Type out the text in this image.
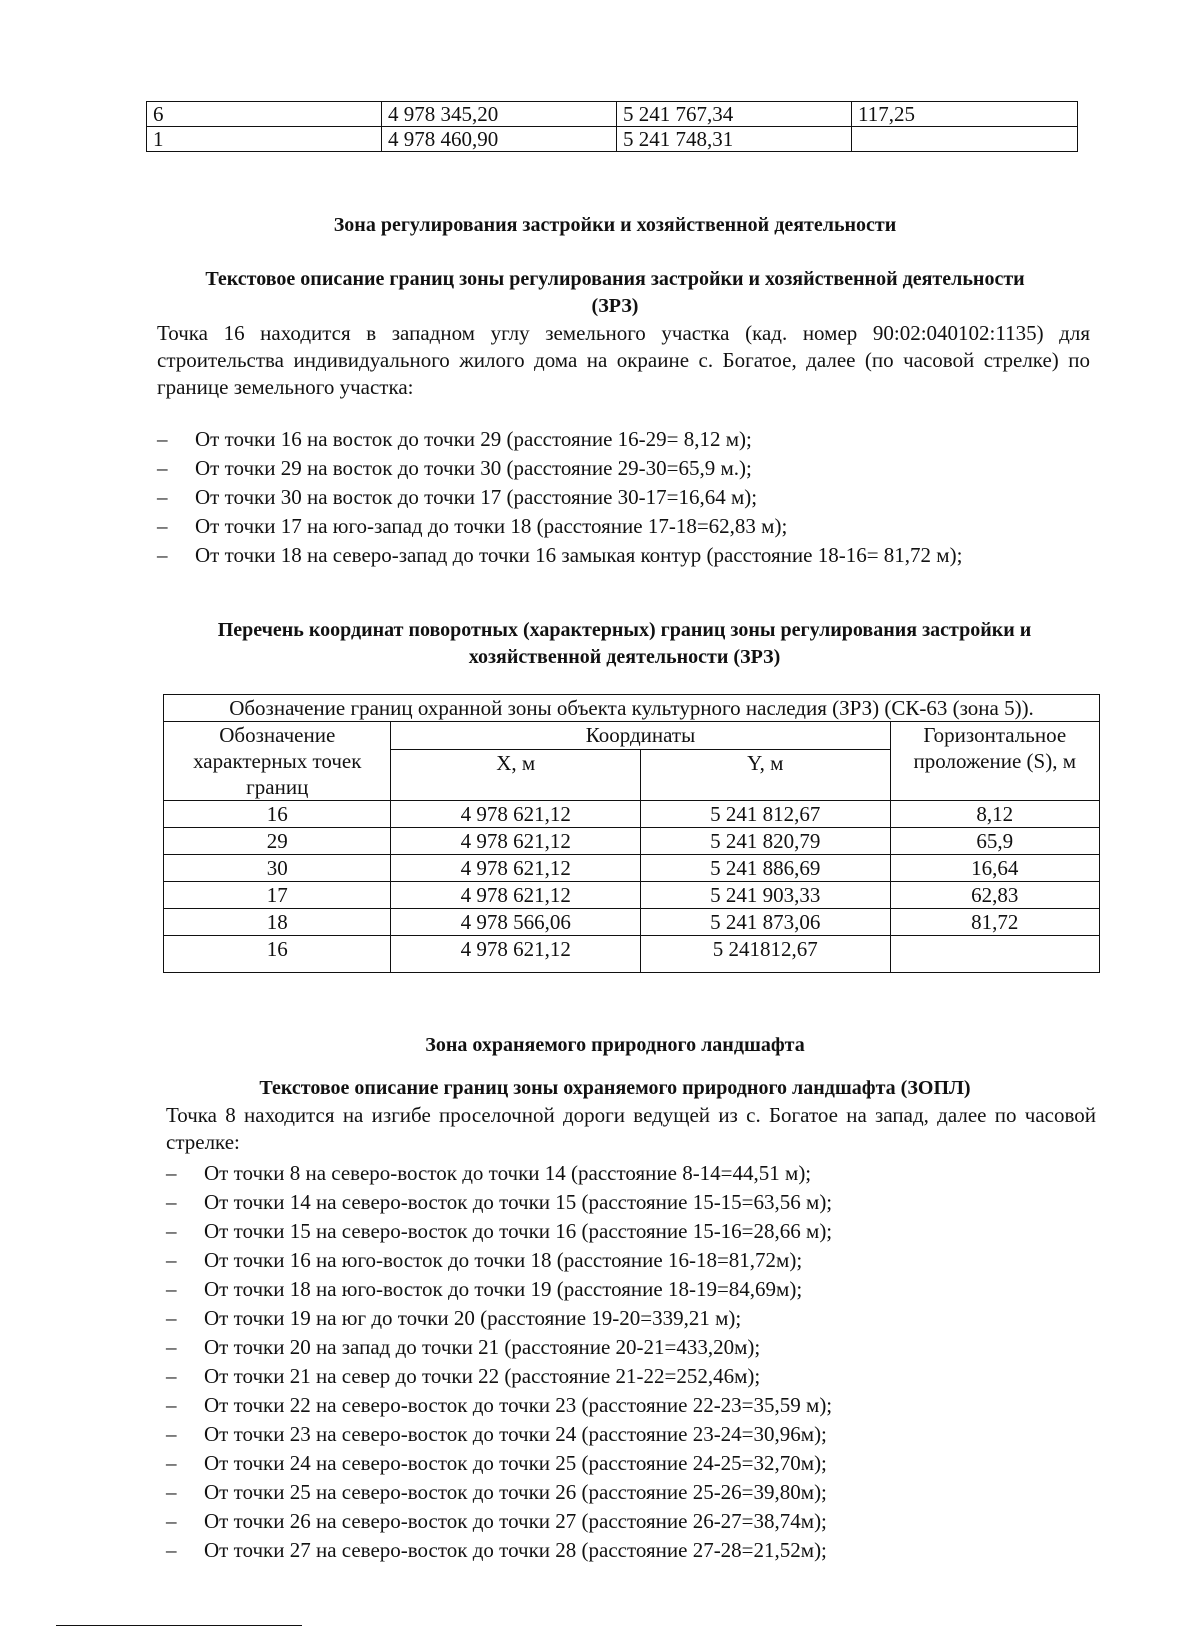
6	4 978 345,20	5 241 767,34	117,25
1	4 978 460,90	5 241 748,31	
Зона регулирования застройки и хозяйственной деятельности
Текстовое описание границ зоны регулирования застройки и хозяйственной деятельности (ЗРЗ)
Точка 16 находится в западном углу земельного участка (кад. номер 90:02:040102:1135) для строительства индивидуального жилого дома на окраине с. Богатое, далее (по часовой стрелке) по границе земельного участка:
– От точки 16 на восток до точки 29 (расстояние 16-29= 8,12 м);
– От точки 29 на восток до точки 30 (расстояние 29-30=65,9 м.);
– От точки 30 на восток до точки 17 (расстояние 30-17=16,64 м);
– От точки 17 на юго-запад до точки 18 (расстояние 17-18=62,83 м);
– От точки 18 на северо-запад до точки 16 замыкая контур (расстояние 18-16= 81,72 м);
Перечень координат поворотных (характерных) границ зоны регулирования застройки и хозяйственной деятельности (ЗРЗ)
Обозначение границ охранной зоны объекта культурного наследия (ЗРЗ) (СК-63 (зона 5)).			
Обозначение характерных точек границ	Координаты		Горизонтальное проложение (S), м
	X, м	Y, м	
16	4 978 621,12	5 241 812,67	8,12
29	4 978 621,12	5 241 820,79	65,9
30	4 978 621,12	5 241 886,69	16,64
17	4 978 621,12	5 241 903,33	62,83
18	4 978 566,06	5 241 873,06	81,72
16	4 978 621,12	5 241812,67	
Зона охраняемого природного ландшафта
Текстовое описание границ зоны охраняемого природного ландшафта (ЗОПЛ)
Точка 8 находится на изгибе проселочной дороги ведущей из с. Богатое на запад, далее по часовой стрелке:
– От точки 8 на северо-восток до точки 14 (расстояние 8-14=44,51 м);
– От точки 14 на северо-восток до точки 15 (расстояние 15-15=63,56 м);
– От точки 15 на северо-восток до точки 16 (расстояние 15-16=28,66 м);
– От точки 16 на юго-восток до точки 18 (расстояние 16-18=81,72м);
– От точки 18 на юго-восток до точки 19 (расстояние 18-19=84,69м);
– От точки 19 на юг до точки 20 (расстояние 19-20=339,21 м);
– От точки 20 на запад до точки 21 (расстояние 20-21=433,20м);
– От точки 21 на север до точки 22 (расстояние 21-22=252,46м);
– От точки 22 на северо-восток до точки 23 (расстояние 22-23=35,59 м);
– От точки 23 на северо-восток до точки 24 (расстояние 23-24=30,96м);
– От точки 24 на северо-восток до точки 25 (расстояние 24-25=32,70м);
– От точки 25 на северо-восток до точки 26 (расстояние 25-26=39,80м);
– От точки 26 на северо-восток до точки 27 (расстояние 26-27=38,74м);
– От точки 27 на северо-восток до точки 28 (расстояние 27-28=21,52м);
